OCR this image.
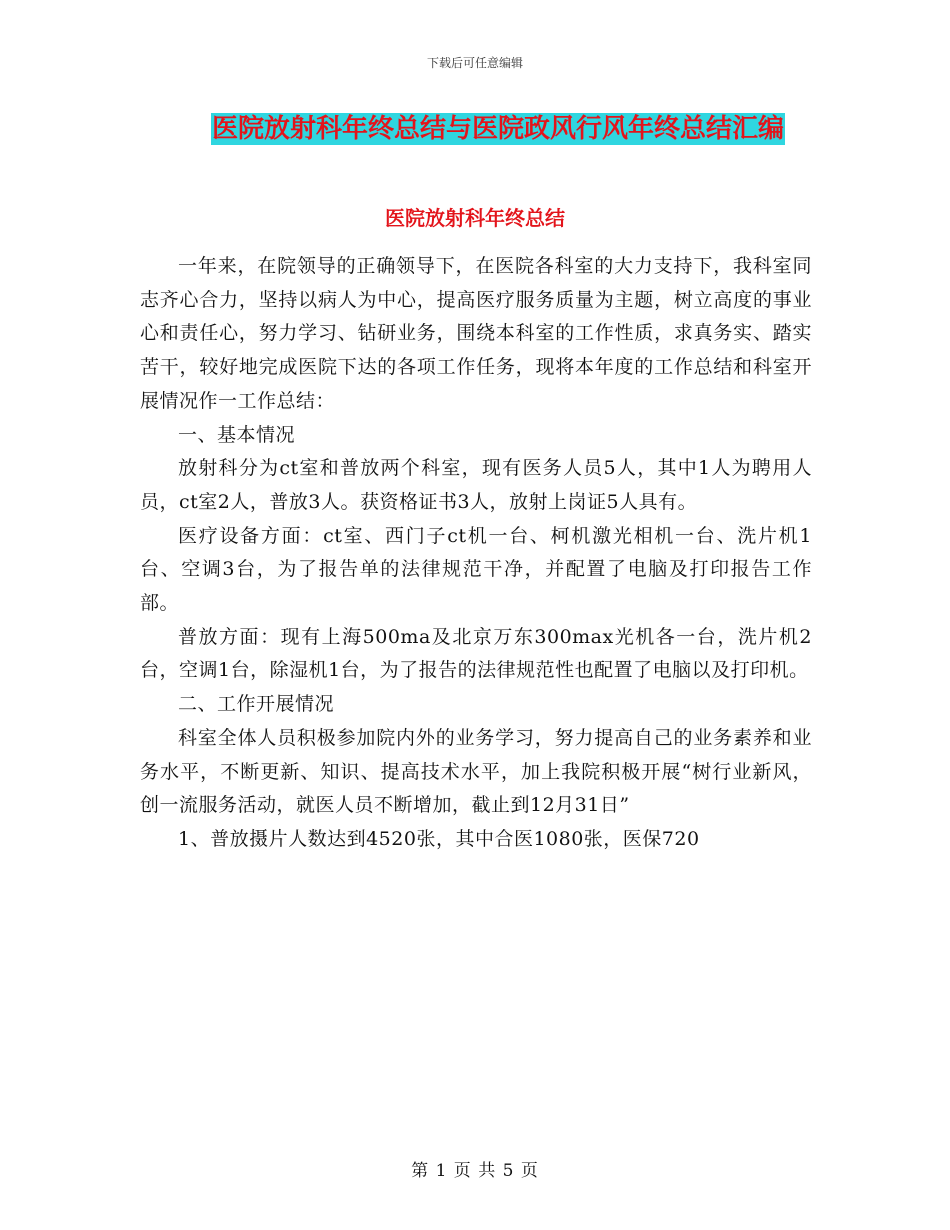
下载后可任意编辑
医院放射科年终总结与医院政风行风年终总结汇编
医院放射科年终总结

一年来，在院领导的正确领导下，在医院各科室的大力支持下，我科室同志齐心合力，坚持以病人为中心，提高医疗服务质量为主题，树立高度的事业心和责任心，努力学习、钻研业务，围绕本科室的工作性质，求真务实、踏实苦干，较好地完成医院下达的各项工作任务，现将本年度的工作总结和科室开展情况作一工作总结：

一、基本情况

放射科分为ct室和普放两个科室，现有医务人员5人，其中1人为聘用人员，ct室2人，普放3人。获资格证书3人，放射上岗证5人具有。

医疗设备方面：ct室、西门子ct机一台、柯机激光相机一台、洗片机1台、空调3台，为了报告单的法律规范干净，并配置了电脑及打印报告工作部。

普放方面：现有上海500ma及北京万东300max光机各一台，洗片机2台，空调1台，除湿机1台，为了报告的法律规范性也配置了电脑以及打印机。

二、工作开展情况

科室全体人员积极参加院内外的业务学习，努力提高自己的业务素养和业务水平，不断更新、知识、提高技术水平，加上我院积极开展“树行业新风，创一流服务活动，就医人员不断增加，截止到12月31日”

1、普放摄片人数达到4520张，其中合医1080张，医保720

第 1 页 共 5 页
